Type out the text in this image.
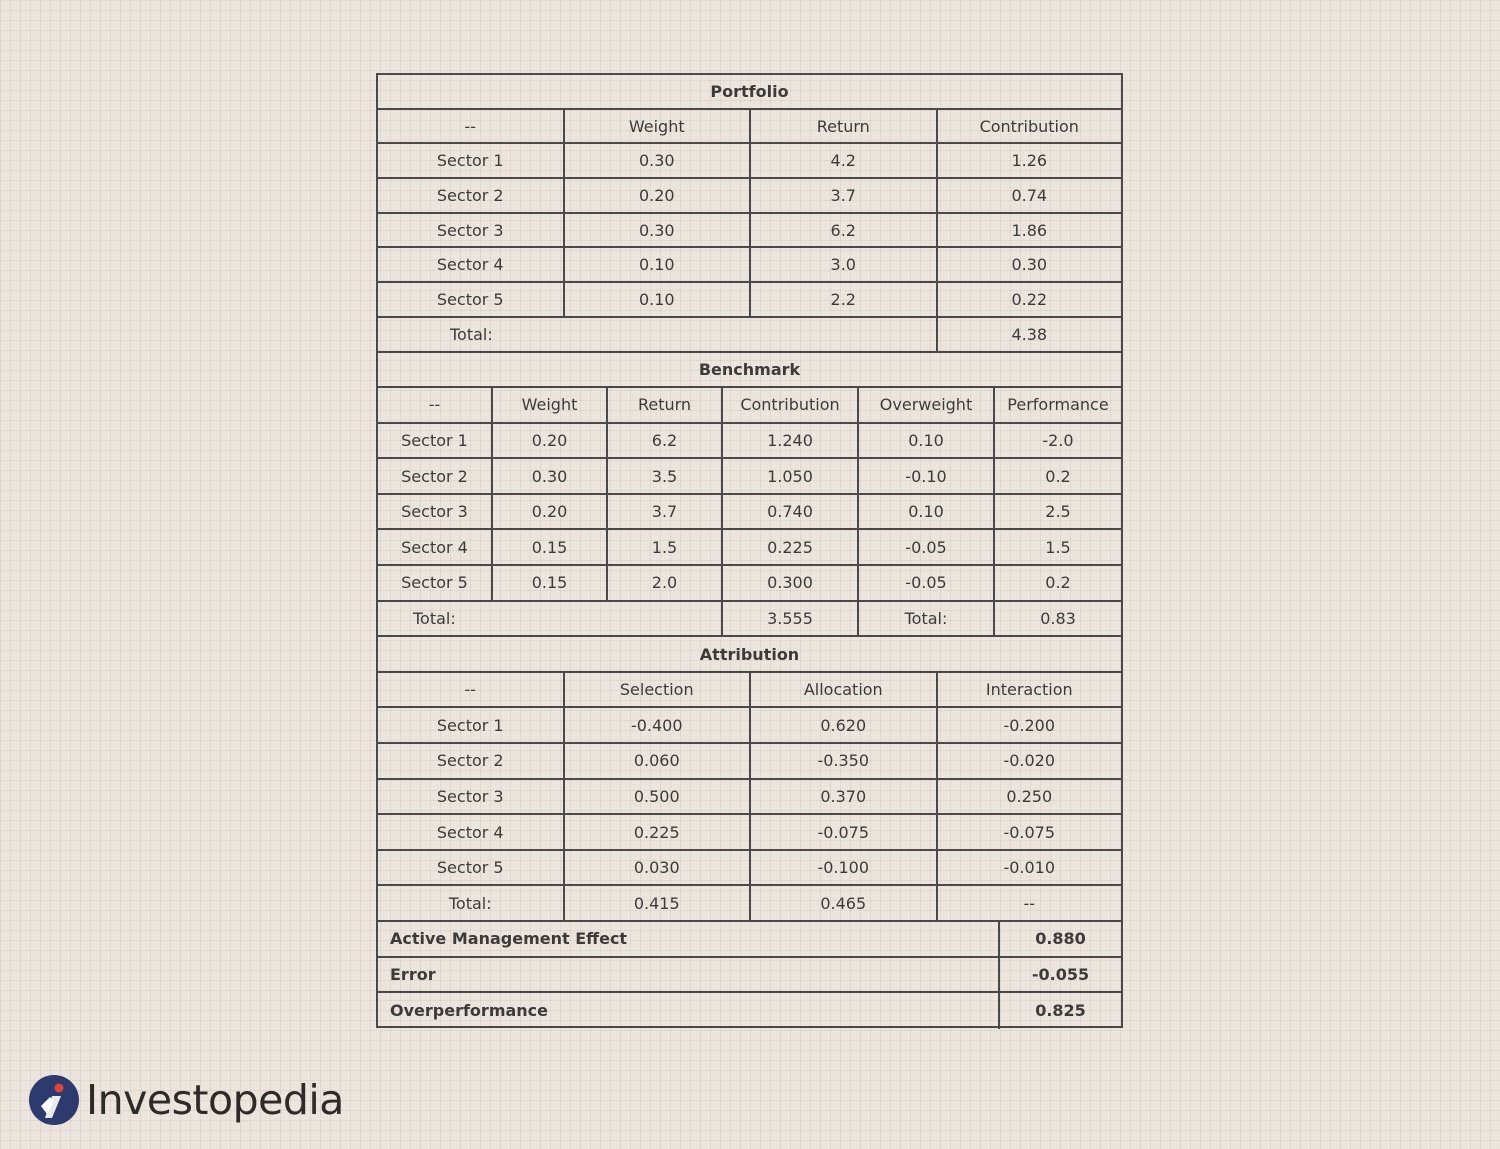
Portfolio
--	Weight	Return	Contribution
Sector 1	0.30	4.2	1.26
Sector 2	0.20	3.7	0.74
Sector 3	0.30	6.2	1.86
Sector 4	0.10	3.0	0.30
Sector 5	0.10	2.2	0.22
Total:	4.38
Benchmark
--	Weight	Return	Contribution	Overweight	Performance
Sector 1	0.20	6.2	1.240	0.10	-2.0
Sector 2	0.30	3.5	1.050	-0.10	0.2
Sector 3	0.20	3.7	0.740	0.10	2.5
Sector 4	0.15	1.5	0.225	-0.05	1.5
Sector 5	0.15	2.0	0.300	-0.05	0.2
Total:	3.555	Total:	0.83
Attribution
--	Selection	Allocation	Interaction
Sector 1	-0.400	0.620	-0.200
Sector 2	0.060	-0.350	-0.020
Sector 3	0.500	0.370	0.250
Sector 4	0.225	-0.075	-0.075
Sector 5	0.030	-0.100	-0.010
Total:	0.415	0.465	--
Active Management Effect	0.880
Error	-0.055
Overperformance	0.825
Investopedia
